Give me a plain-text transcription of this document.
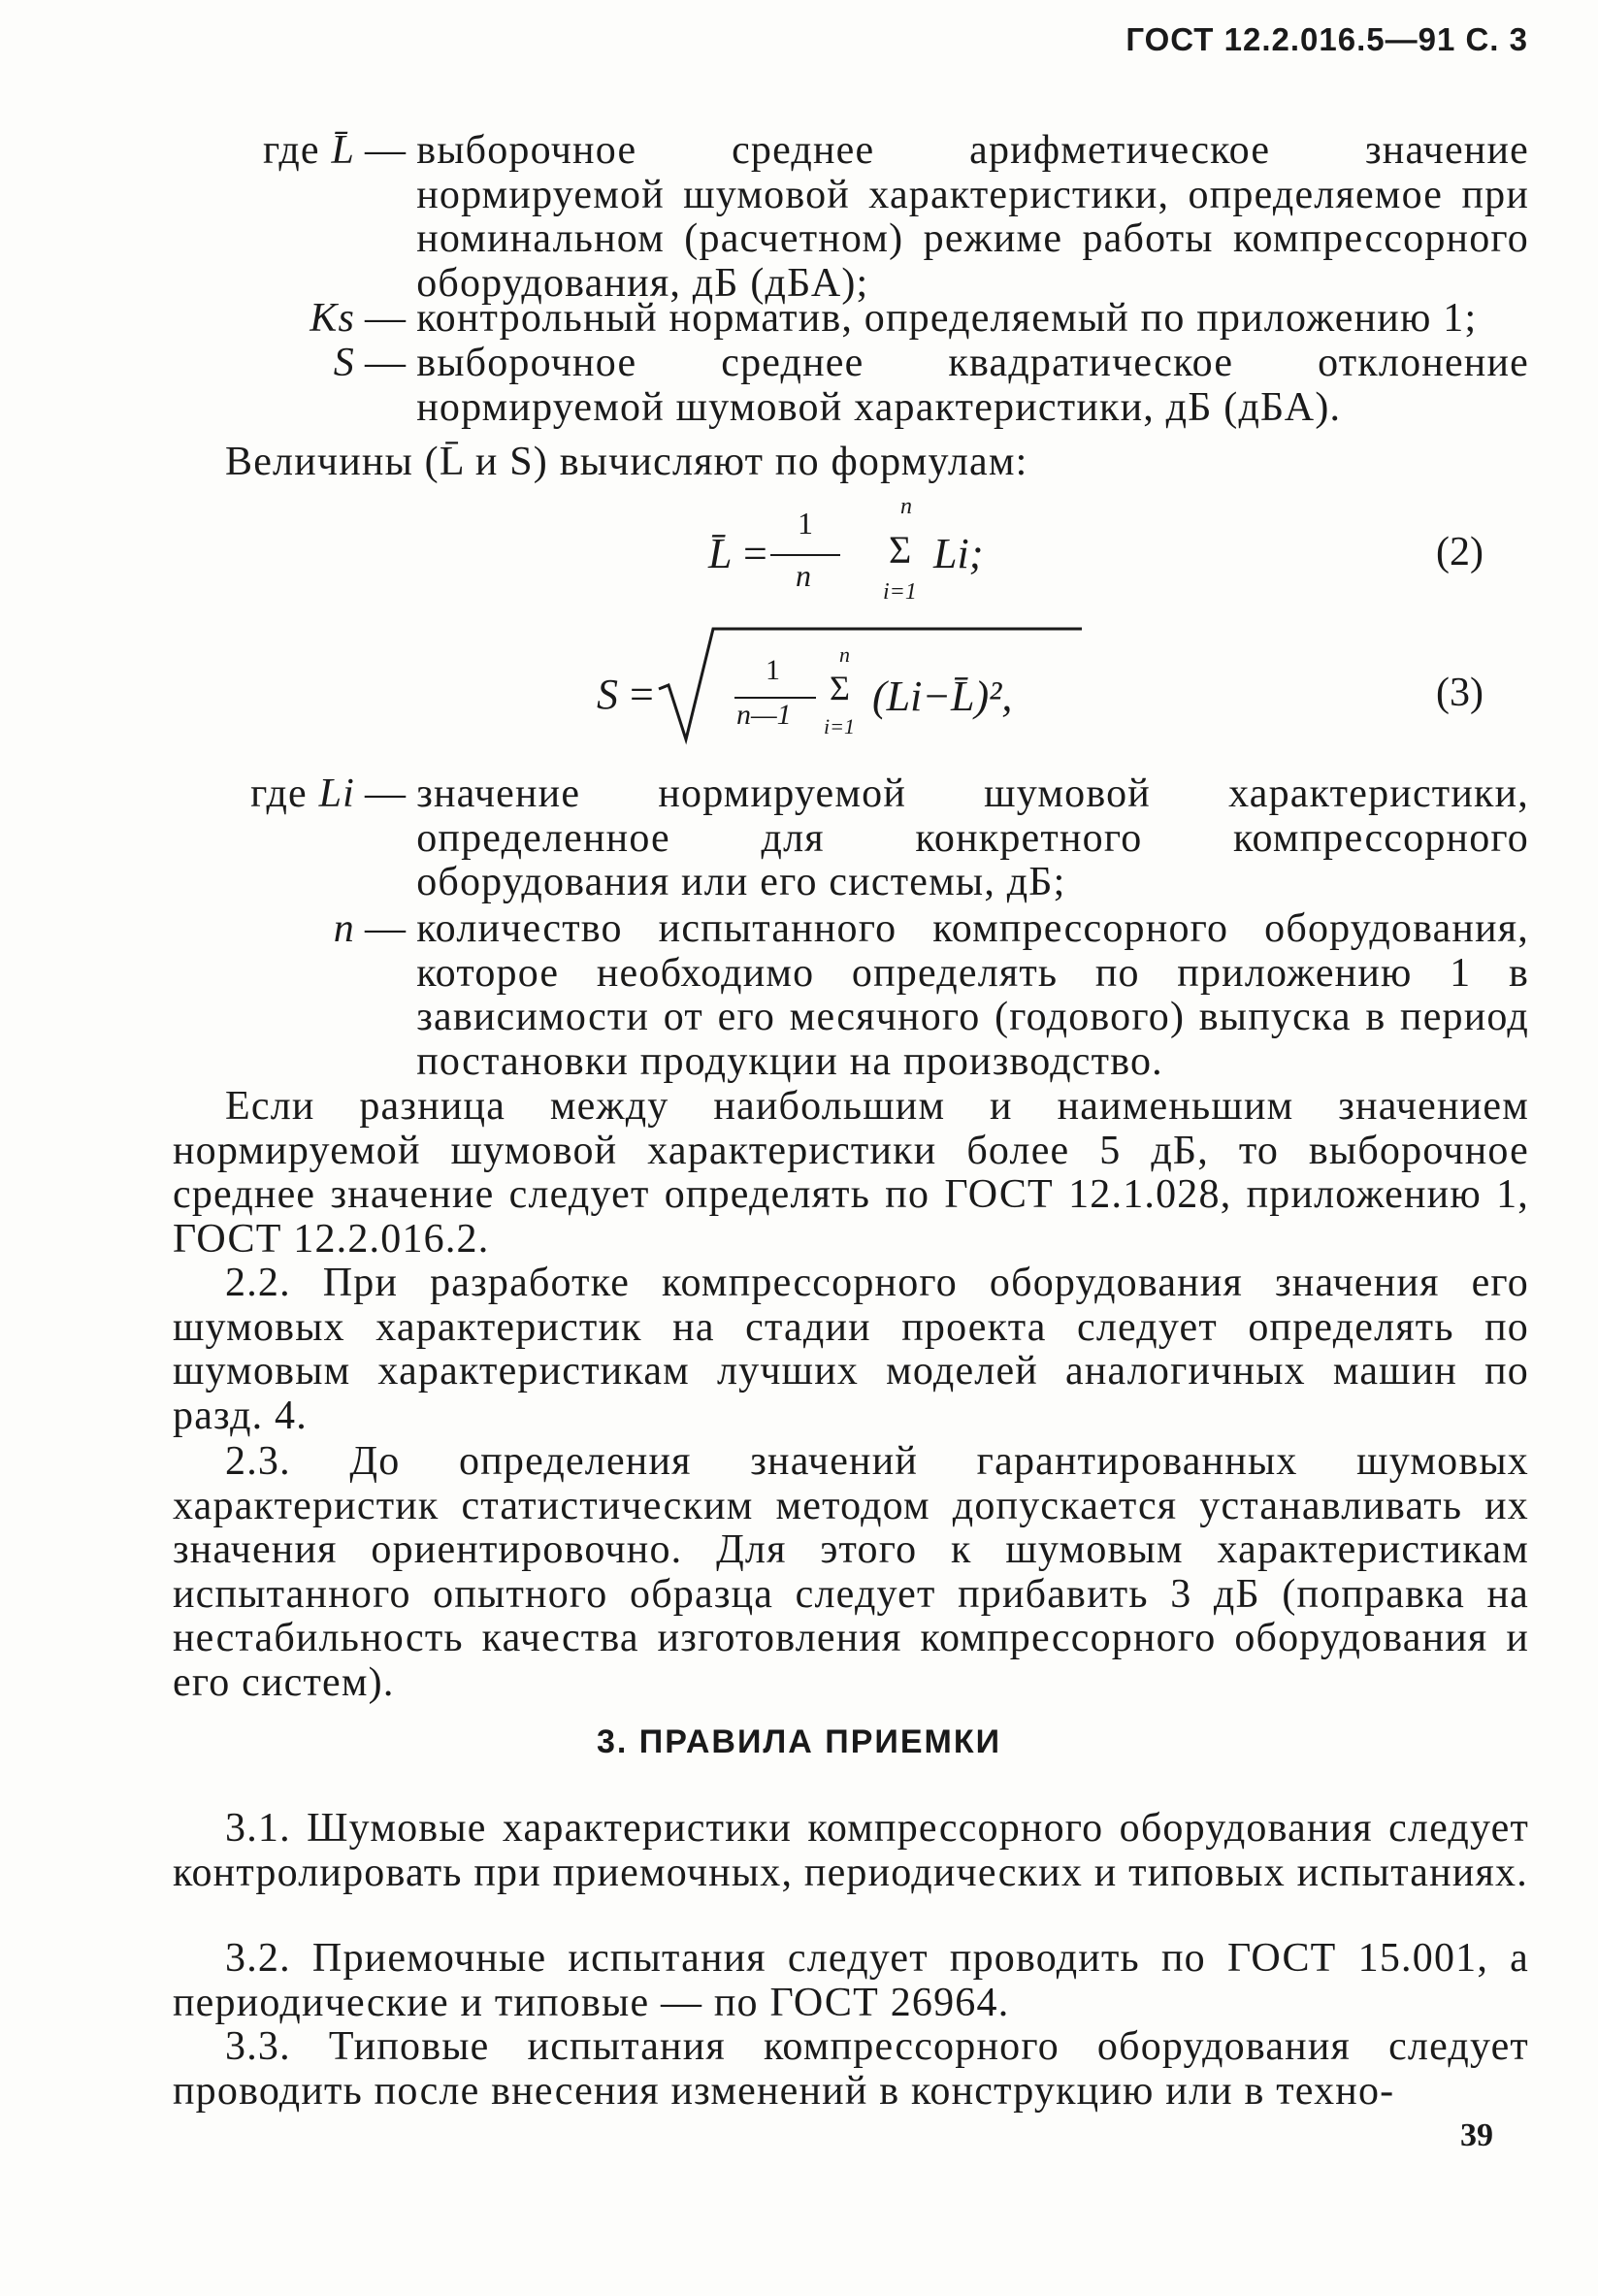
ГОСТ 12.2.016.5—91 С. 3
где L̄ — выборочное среднее арифметическое значение нормируемой шумовой характеристики, определяемое при номинальном (расчетном) режиме работы компрессорного оборудования, дБ (дБА);
Ks — контрольный норматив, определяемый по приложению 1;
S — выборочное среднее квадратическое отклонение нормируемой шумовой характеристики, дБ (дБА).
Величины (L̄ и S) вычисляют по формулам:
L̄ =
1
n
n
Σ
i=1
Li;	(2)
S =
1
n—1
n
Σ
i=1
(Li−L̄)²,	(3)
где Li — значение нормируемой шумовой характеристики, определенное для конкретного компрессорного оборудования или его системы, дБ;
n — количество испытанного компрессорного оборудования, которое необходимо определять по приложению 1 в зависимости от его месячного (годового) выпуска в период постановки продукции на производство.
Если разница между наибольшим и наименьшим значением нормируемой шумовой характеристики более 5 дБ, то выборочное среднее значение следует определять по ГОСТ 12.1.028, приложению 1, ГОСТ 12.2.016.2.
2.2. При разработке компрессорного оборудования значения его шумовых характеристик на стадии проекта следует определять по шумовым характеристикам лучших моделей аналогичных машин по разд. 4.
2.3. До определения значений гарантированных шумовых характеристик статистическим методом допускается устанавливать их значения ориентировочно. Для этого к шумовым характеристикам испытанного опытного образца следует прибавить 3 дБ (поправка на нестабильность качества изготовления компрессорного оборудования и его систем).
3. ПРАВИЛА ПРИЕМКИ
3.1. Шумовые характеристики компрессорного оборудования следует контролировать при приемочных, периодических и типовых испытаниях.
3.2. Приемочные испытания следует проводить по ГОСТ 15.001, а периодические и типовые — по ГОСТ 26964.
3.3. Типовые испытания компрессорного оборудования следует проводить после внесения изменений в конструкцию или в техно-
39
